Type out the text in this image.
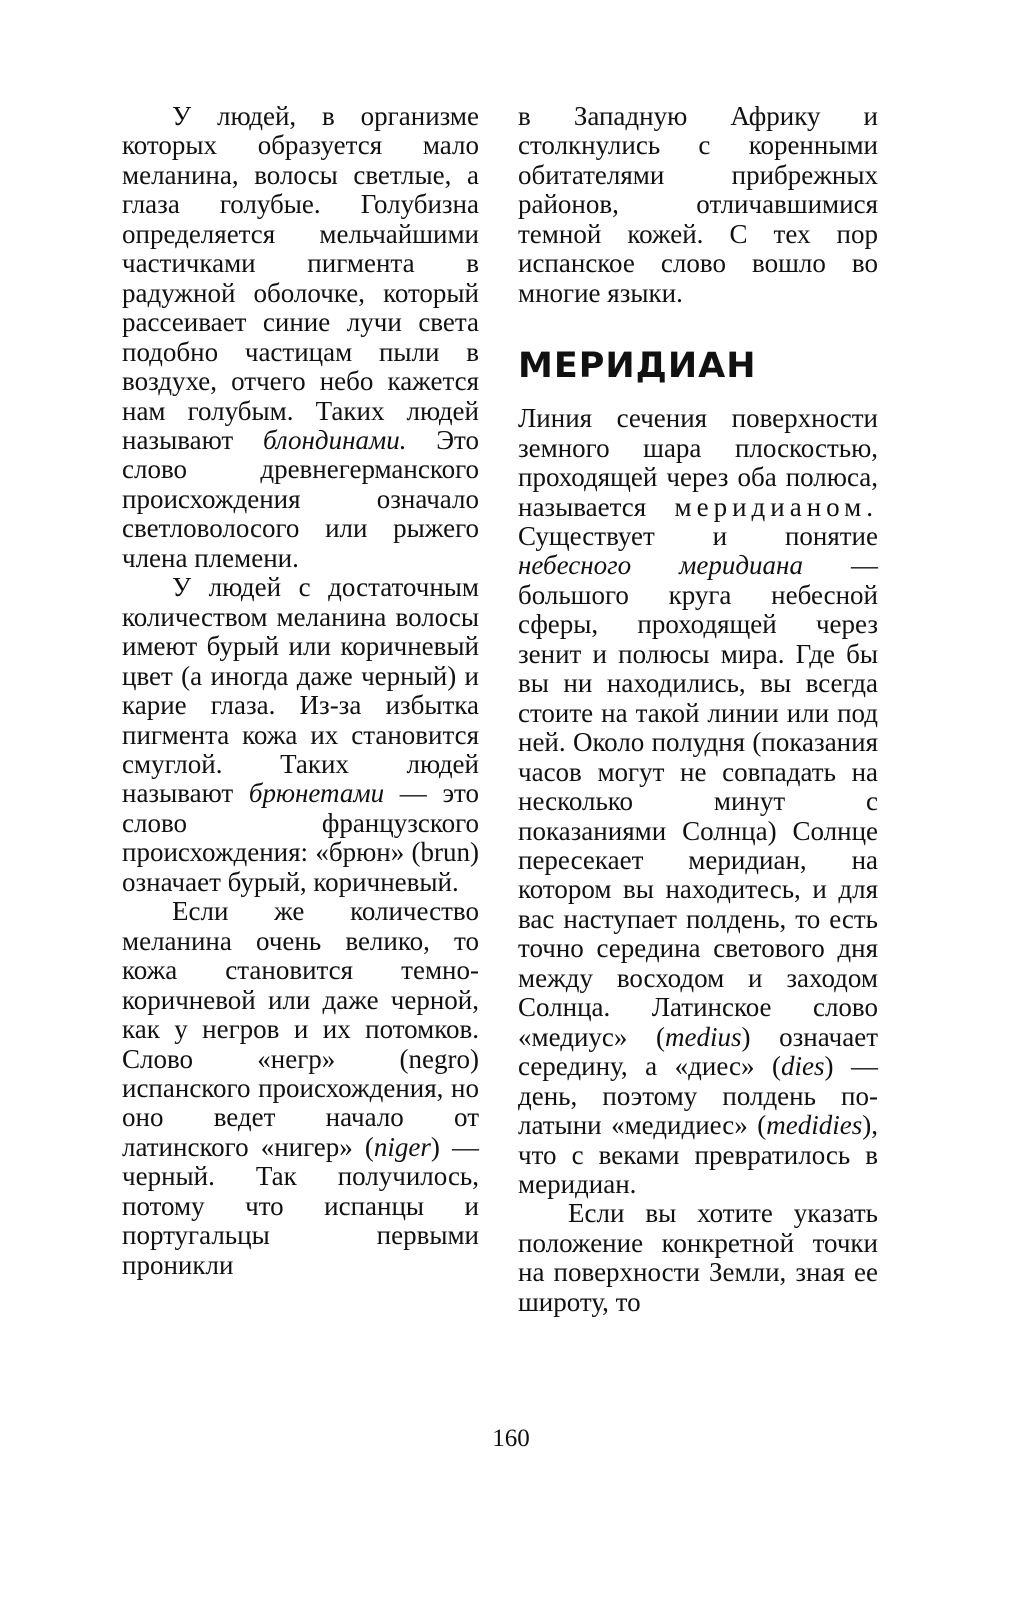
У людей, в организме которых образуется мало меланина, волосы светлые, а глаза голубые. Голубизна определяется мельчайшими частичками пигмента в радужной оболочке, который рассеивает синие лучи света подобно частицам пыли в воздухе, отчего небо кажется нам голубым. Таких людей называют блондинами. Это слово древнегерманского происхождения означало светловолосого или рыжего члена племени.

У людей с достаточным количеством меланина волосы имеют бурый или коричневый цвет (а иногда даже черный) и карие глаза. Из-за избытка пигмента кожа их становится смуглой. Таких людей называют брюнетами — это слово французского происхождения: «брюн» (brun) означает бурый, коричневый.

Если же количество меланина очень велико, то кожа становится темно-коричневой или даже черной, как у негров и их потомков. Слово «негр» (negro) испанского происхождения, но оно ведет начало от латинского «нигер» (niger) — черный. Так получилось, потому что испанцы и португальцы первыми проникли

в Западную Африку и столкнулись с коренными обитателями прибрежных районов, отличавшимися темной кожей. С тех пор испанское слово вошло во многие языки.

МЕРИДИАН

Линия сечения поверхности земного шара плоскостью, проходящей через оба полюса, называется меридианом. Существует и понятие небесного меридиана — большого круга небесной сферы, проходящей через зенит и полюсы мира. Где бы вы ни находились, вы всегда стоите на такой линии или под ней. Около полудня (показания часов могут не совпадать на несколько минут с показаниями Солнца) Солнце пересекает меридиан, на котором вы находитесь, и для вас наступает полдень, то есть точно середина светового дня между восходом и заходом Солнца. Латинское слово «медиус» (medius) означает середину, а «диес» (dies) — день, поэтому полдень по-латыни «медидиес» (medidies), что с веками превратилось в меридиан.

Если вы хотите указать положение конкретной точки на поверхности Земли, зная ее широту, то

160
